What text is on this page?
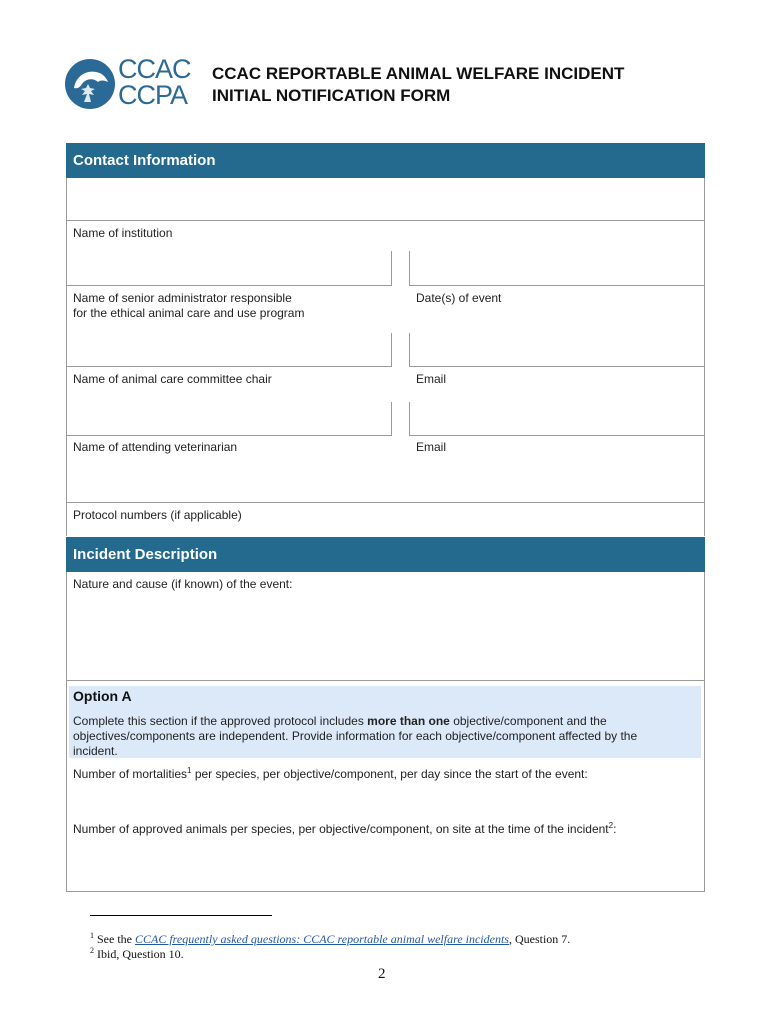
CCAC
CCPA
CCAC REPORTABLE ANIMAL WELFARE INCIDENT
INITIAL NOTIFICATION FORM
Contact Information
Name of institution
Name of senior administrator responsible
for the ethical animal care and use program
Date(s) of event
Name of animal care committee chair	Email
Name of attending veterinarian	Email
Protocol numbers (if applicable)
Incident Description
Nature and cause (if known) of the event:
Option A
Complete this section if the approved protocol includes more than one objective/component and the objectives/components are independent. Provide information for each objective/component affected by the incident.
Number of mortalities$^1$ per species, per objective/component, per day since the start of the event:
Number of approved animals per species, per objective/component, on site at the time of the incident$^2$:
$^1$ See the CCAC frequently asked questions: CCAC reportable animal welfare incidents, Question 7.
$^2$ Ibid, Question 10.
2
